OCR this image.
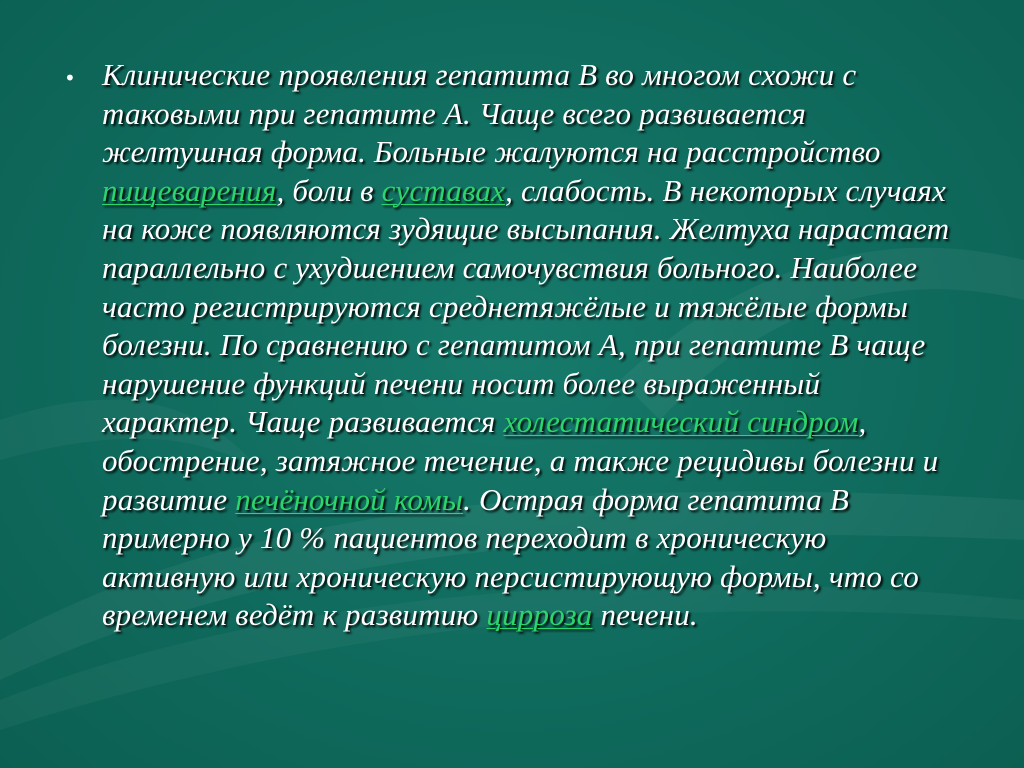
• Клинические проявления гепатита В во многом схожи с таковыми при гепатите А. Чаще всего развивается желтушная форма. Больные жалуются на расстройство пищеварения, боли в суставах, слабость. В некоторых случаях на коже появляются зудящие высыпания. Желтуха нарастает параллельно с ухудшением самочувствия больного. Наиболее часто регистрируются среднетяжёлые и тяжёлые формы болезни. По сравнению с гепатитом А, при гепатите В чаще нарушение функций печени носит более выраженный характер. Чаще развивается холестатический синдром, обострение, затяжное течение, а также рецидивы болезни и развитие печёночной комы. Острая форма гепатита В примерно у 10 % пациентов переходит в хроническую активную или хроническую персистирующую формы, что со временем ведёт к развитию цирроза печени.
